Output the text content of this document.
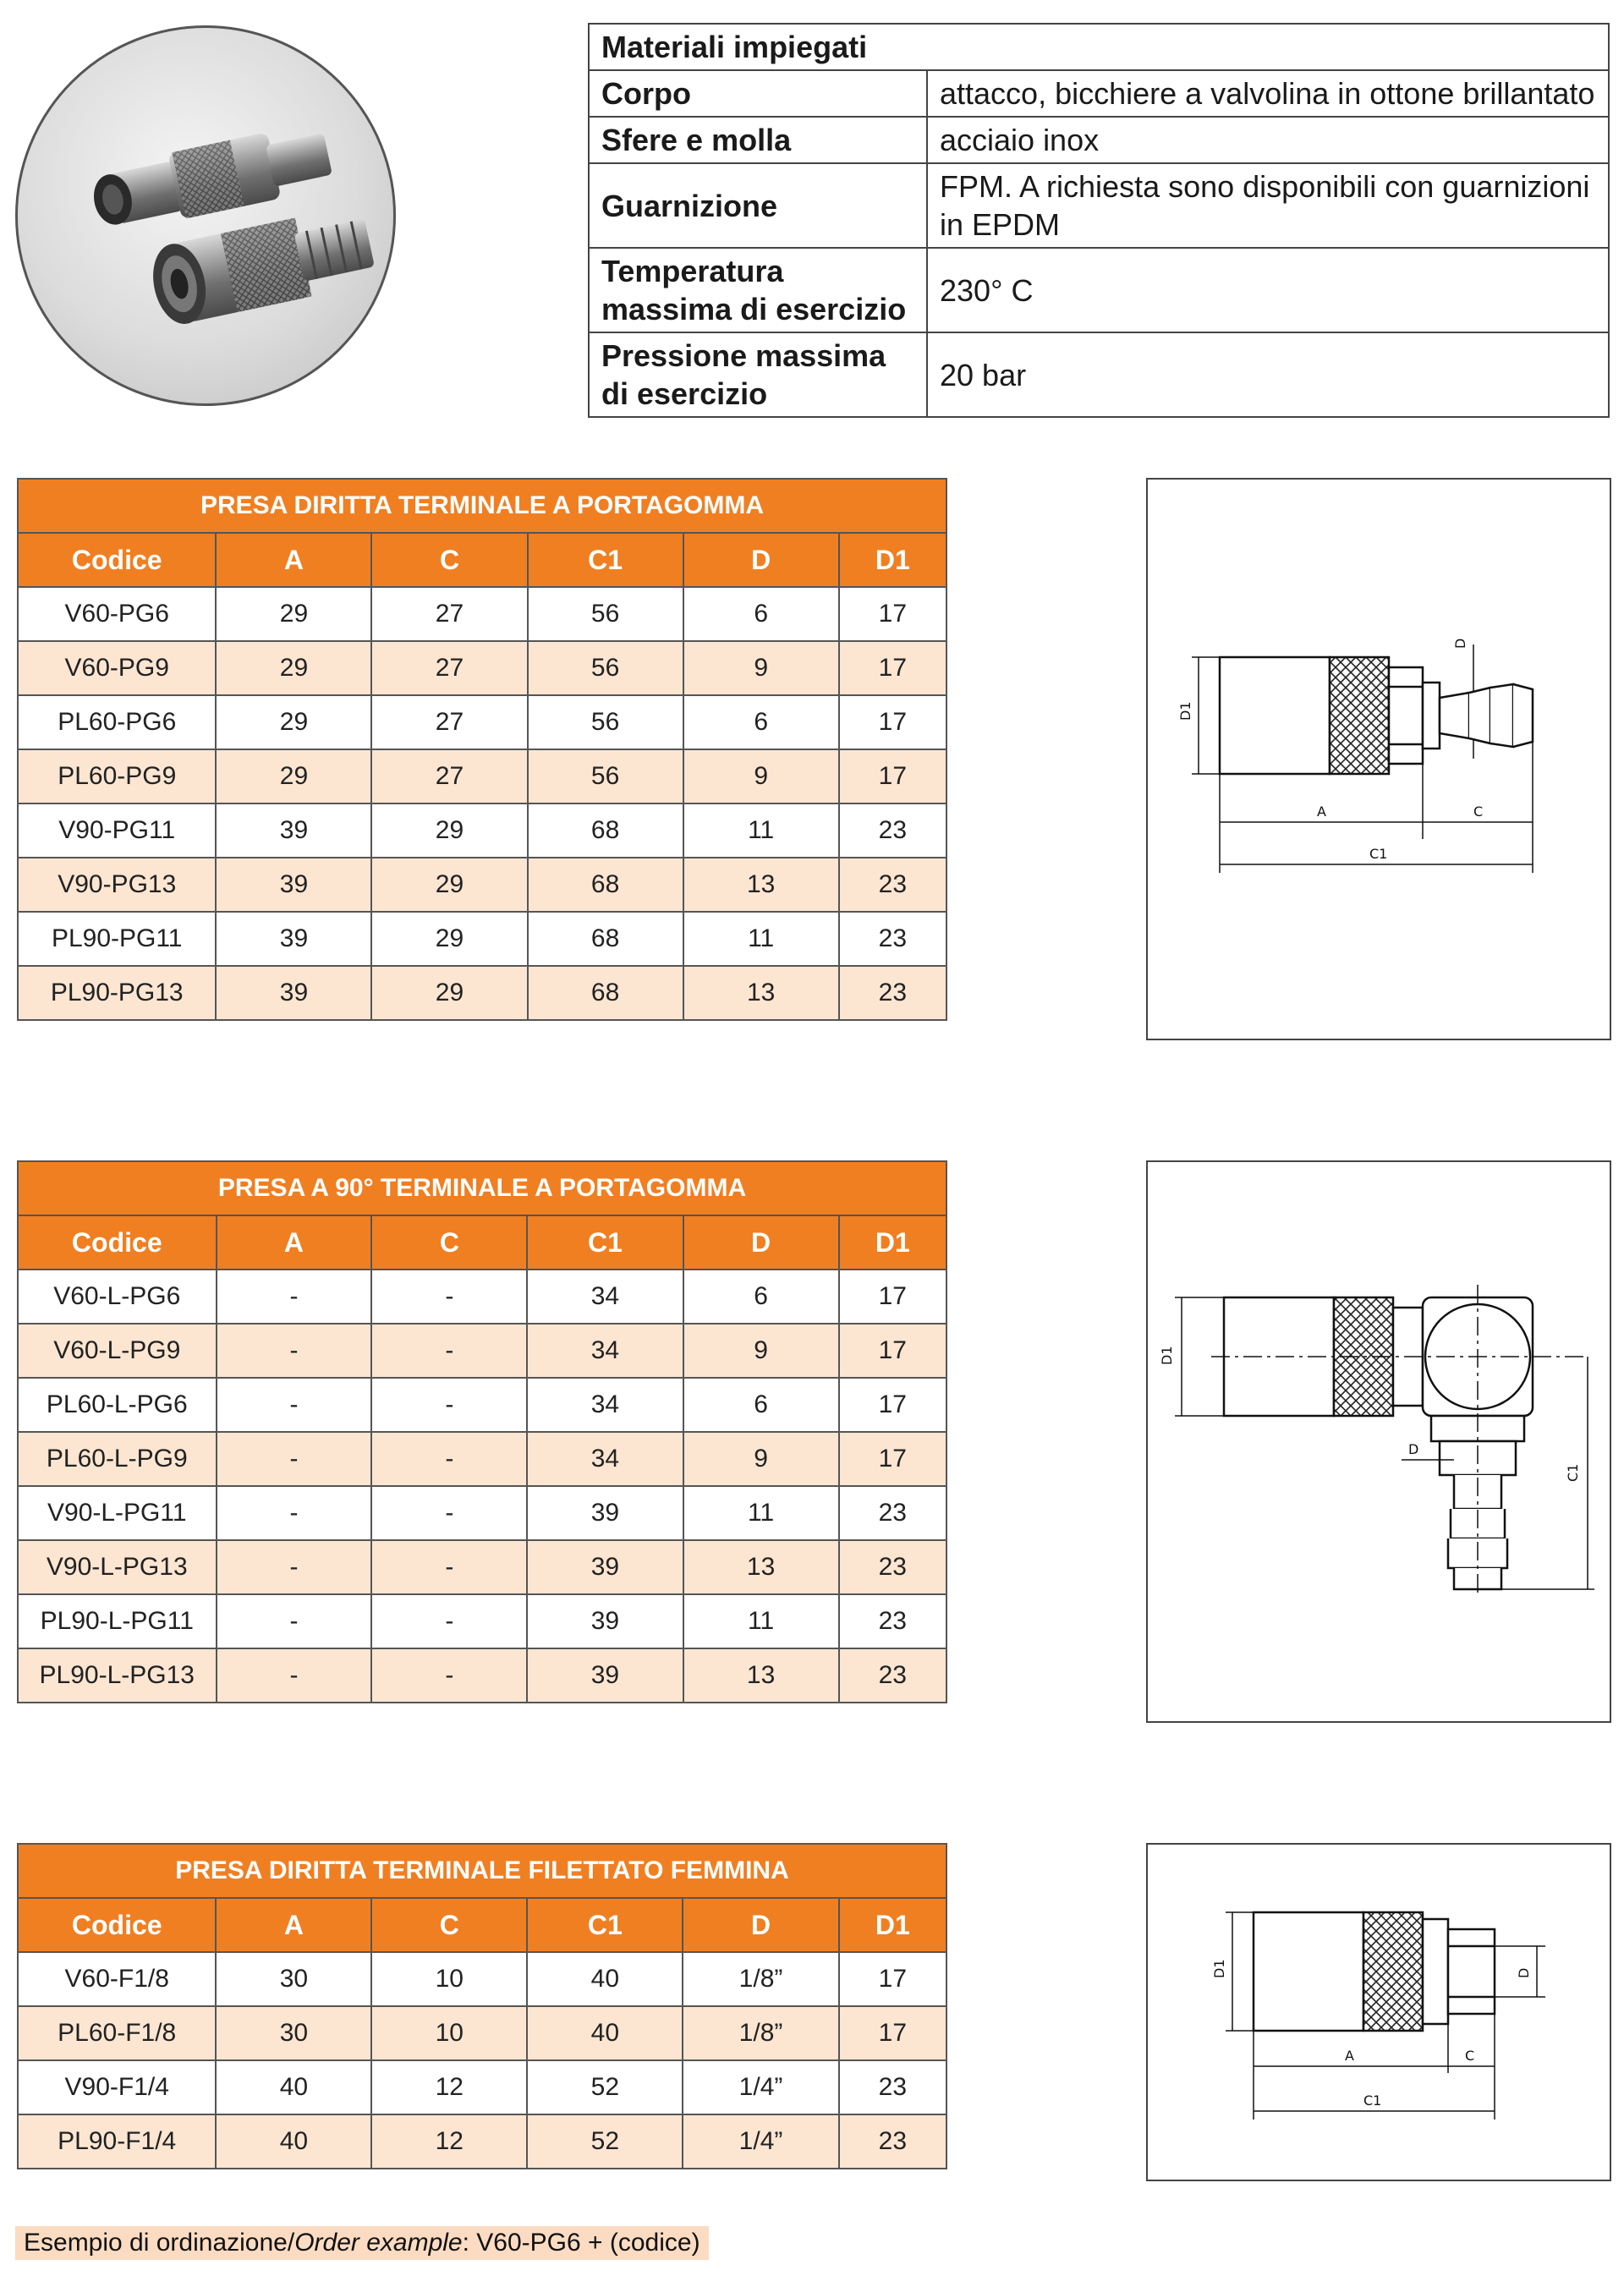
Materiali impiegati	
Corpo	attacco, bicchiere a valvolina in ottone brillantato
Sfere e molla	acciaio inox
Guarnizione	FPM. A richiesta sono disponibili con guarnizioni in EPDM
Temperatura massima di esercizio	230° C
Pressione massima di esercizio	20 bar
PRESA DIRITTA TERMINALE A PORTAGOMMA					
Codice	A	C	C1	D	D1
V60-PG6	29	27	56	6	17
V60-PG9	29	27	56	9	17
PL60-PG6	29	27	56	6	17
PL60-PG9	29	27	56	9	17
V90-PG11	39	29	68	11	23
V90-PG13	39	29	68	13	23
PL90-PG11	39	29	68	11	23
PL90-PG13	39	29	68	13	23
D1
D
A	C
C1
PRESA A 90° TERMINALE A PORTAGOMMA					
Codice	A	C	C1	D	D1
V60-L-PG6	-	-	34	6	17
V60-L-PG9	-	-	34	9	17
PL60-L-PG6	-	-	34	6	17
PL60-L-PG9	-	-	34	9	17
V90-L-PG11	-	-	39	11	23
V90-L-PG13	-	-	39	13	23
PL90-L-PG11	-	-	39	11	23
PL90-L-PG13	-	-	39	13	23
D1
D
C1
PRESA DIRITTA TERMINALE FILETTATO FEMMINA					
Codice	A	C	C1	D	D1
V60-F1/8	30	10	40	1/8”	17
PL60-F1/8	30	10	40	1/8”	17
V90-F1/4	40	12	52	1/4”	23
PL90-F1/4	40	12	52	1/4”	23
D1	D
A	C
C1
Esempio di ordinazione/Order example: V60-PG6 + (codice)
